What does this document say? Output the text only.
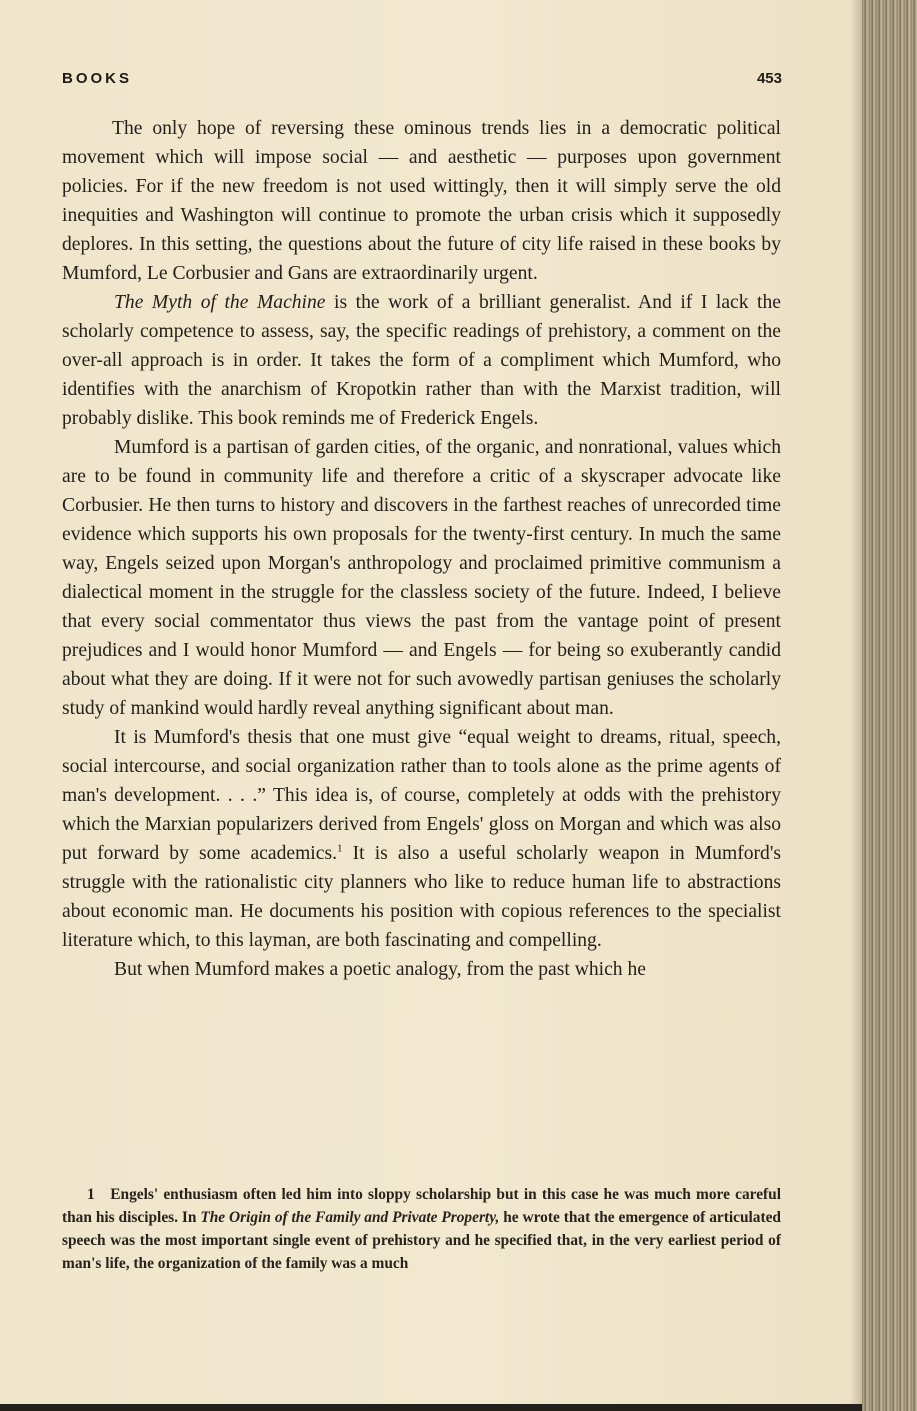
BOOKS	453

The only hope of reversing these ominous trends lies in a democratic political movement which will impose social — and aesthetic — purposes upon government policies. For if the new freedom is not used wittingly, then it will simply serve the old inequities and Washington will continue to promote the urban crisis which it supposedly deplores. In this setting, the questions about the future of city life raised in these books by Mumford, Le Corbusier and Gans are extraordinarily urgent.

The Myth of the Machine is the work of a brilliant generalist. And if I lack the scholarly competence to assess, say, the specific readings of prehistory, a comment on the over-all approach is in order. It takes the form of a compliment which Mumford, who identifies with the anarchism of Kropotkin rather than with the Marxist tradition, will probably dislike. This book reminds me of Frederick Engels.

Mumford is a partisan of garden cities, of the organic, and nonrational, values which are to be found in community life and therefore a critic of a skyscraper advocate like Corbusier. He then turns to history and discovers in the farthest reaches of unrecorded time evidence which supports his own proposals for the twenty-first century. In much the same way, Engels seized upon Morgan's anthropology and proclaimed primitive communism a dialectical moment in the struggle for the classless society of the future. Indeed, I believe that every social commentator thus views the past from the vantage point of present prejudices and I would honor Mumford — and Engels — for being so exuberantly candid about what they are doing. If it were not for such avowedly partisan geniuses the scholarly study of mankind would hardly reveal anything significant about man.

It is Mumford's thesis that one must give “equal weight to dreams, ritual, speech, social intercourse, and social organization rather than to tools alone as the prime agents of man's development. . . .” This idea is, of course, completely at odds with the prehistory which the Marxian popularizers derived from Engels' gloss on Morgan and which was also put forward by some academics.$^1$ It is also a useful scholarly weapon in Mumford's struggle with the rationalistic city planners who like to reduce human life to abstractions about economic man. He documents his position with copious references to the specialist literature which, to this layman, are both fascinating and compelling.

But when Mumford makes a poetic analogy, from the past which he

1 Engels' enthusiasm often led him into sloppy scholarship but in this case he was much more careful than his disciples. In The Origin of the Family and Private Property, he wrote that the emergence of articulated speech was the most important single event of prehistory and he specified that, in the very earliest period of man's life, the organization of the family was a much
